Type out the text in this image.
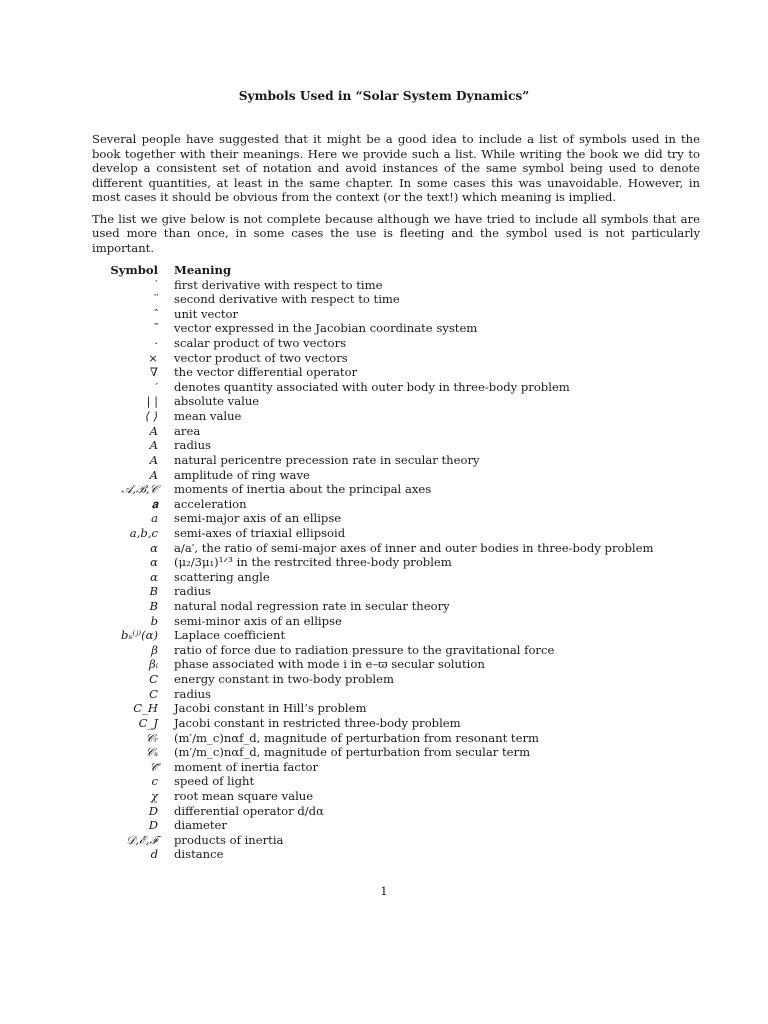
Symbols Used in “Solar System Dynamics”

Several people have suggested that it might be a good idea to include a list of symbols used in the book together with their meanings. Here we provide such a list. While writing the book we did try to develop a consistent set of notation and avoid instances of the same symbol being used to denote different quantities, at least in the same chapter. In some cases this was unavoidable. However, in most cases it should be obvious from the context (or the text!) which meaning is implied.

The list we give below is not complete because although we have tried to include all symbols that are used more than once, in some cases the use is fleeting and the symbol used is not particularly important.

Symbol Meaning
˙ first derivative with respect to time
¨ second derivative with respect to time
ˆ unit vector
˜ vector expressed in the Jacobian coordinate system
· scalar product of two vectors
× vector product of two vectors
∇ the vector differential operator
′ denotes quantity associated with outer body in three-body problem
| | absolute value
⟨ ⟩ mean value
A area
A radius
A natural pericentre precession rate in secular theory
A amplitude of ring wave
𝒜,ℬ,𝒞 moments of inertia about the principal axes
𝐚 acceleration
a semi-major axis of an ellipse
a,b,c semi-axes of triaxial ellipsoid
α a/a′, the ratio of semi-major axes of inner and outer bodies in three-body problem
α (μ₂/3μ₁)¹ᐟ³ in the restrcited three-body problem
α scattering angle
B radius
B natural nodal regression rate in secular theory
b semi-minor axis of an ellipse
bₛ⁽ʲ⁾(α) Laplace coefficient
β ratio of force due to radiation pressure to the gravitational force
βᵢ phase associated with mode i in e–ϖ secular solution
C energy constant in two-body problem
C radius
C_H Jacobi constant in Hill’s problem
C_J Jacobi constant in restricted three-body problem
𝒞ᵣ (m′/m_c)nαf_d, magnitude of perturbation from resonant term
𝒞ₛ (m′/m_c)nαf_d, magnitude of perturbation from secular term
𝒞̄ moment of inertia factor
c speed of light
χ root mean square value
D differential operator d/dα
D diameter
𝒟,ℰ,ℱ products of inertia
d distance
1
